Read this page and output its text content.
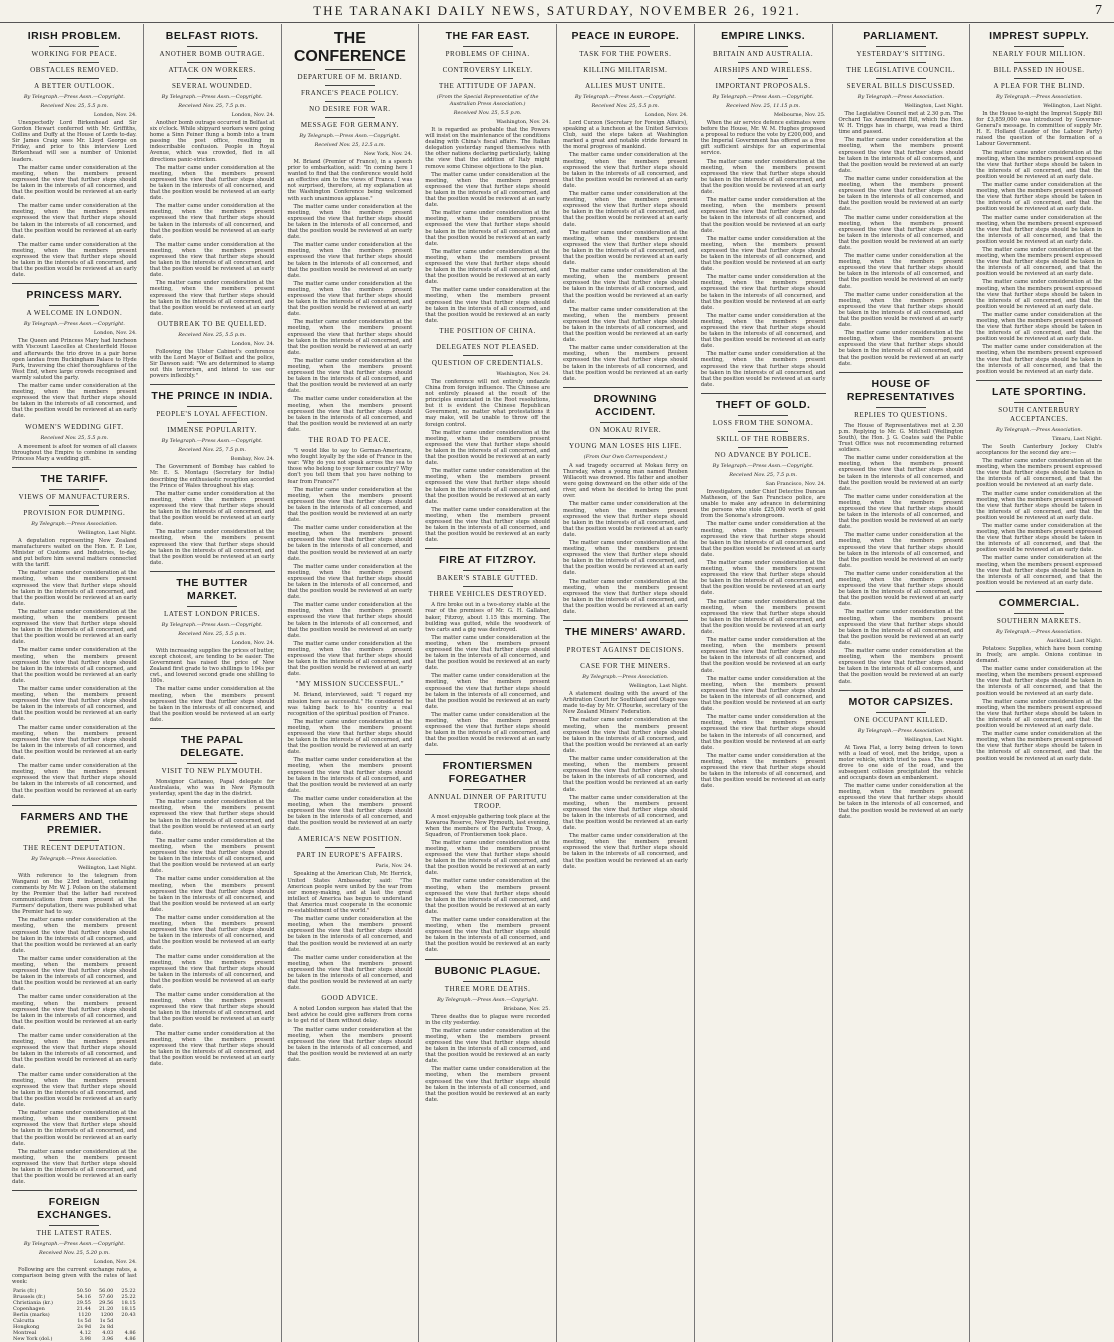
THE TARANAKI DAILY NEWS, SATURDAY, NOVEMBER 26, 1921.	7
IRISH PROBLEM.
WORKING FOR PEACE.
OBSTACLES REMOVED.
A BETTER OUTLOOK.
By Telegraph.—Press Assn.—Copyright.
Received Nov. 25, 5.5 p.m.
London, Nov. 24.

Unexpectedly Lord Birkenhead and Sir Gordon Hewart conferred with Mr. Griffiths, Collins and Duffy at the House of Lords to-day. Sir James Craig sees Mr. Lloyd George on Friday, and prior to this interview Lord Birkenhead will see a number of Unionist leaders.

The matter came under consideration at the meeting, when the members present expressed the view that further steps should be taken in the interests of all concerned, and that the position would be reviewed at an early date.

The matter came under consideration at the meeting, when the members present expressed the view that further steps should be taken in the interests of all concerned, and that the position would be reviewed at an early date.

The matter came under consideration at the meeting, when the members present expressed the view that further steps should be taken in the interests of all concerned, and that the position would be reviewed at an early date.

PRINCESS MARY.
A WELCOME IN LONDON.
By Telegraph.—Press Assn.—Copyright.
London, Nov. 24.

The Queen and Princess Mary had luncheon with Viscount Lascelles at Chesterfield House and afterwards the trio drove in a pair horse open landau from Buckingham Palace to Hyde Park, traversing the chief thoroughfares of the West End, where large crowds recognised and warmly saluted the party.

The matter came under consideration at the meeting, when the members present expressed the view that further steps should be taken in the interests of all concerned, and that the position would be reviewed at an early date.

WOMEN'S WEDDING GIFT.
Received Nov. 25, 5.5 p.m.

A movement is afoot for women of all classes throughout the Empire to combine in sending Princess Mary a wedding gift.

THE TARIFF.
VIEWS OF MANUFACTURERS.
PROVISION FOR DUMPING.
By Telegraph.—Press Association.
Wellington, Last Night.

A deputation representing New Zealand manufacturers waited on the Hon. E. P. Lee, Minister of Customs and Industries, to-day, and put before him several matters connected with the tariff.

The matter came under consideration at the meeting, when the members present expressed the view that further steps should be taken in the interests of all concerned, and that the position would be reviewed at an early date.

The matter came under consideration at the meeting, when the members present expressed the view that further steps should be taken in the interests of all concerned, and that the position would be reviewed at an early date.

The matter came under consideration at the meeting, when the members present expressed the view that further steps should be taken in the interests of all concerned, and that the position would be reviewed at an early date.

The matter came under consideration at the meeting, when the members present expressed the view that further steps should be taken in the interests of all concerned, and that the position would be reviewed at an early date.

The matter came under consideration at the meeting, when the members present expressed the view that further steps should be taken in the interests of all concerned, and that the position would be reviewed at an early date.

The matter came under consideration at the meeting, when the members present expressed the view that further steps should be taken in the interests of all concerned, and that the position would be reviewed at an early date.

FARMERS AND THE PREMIER.
THE RECENT DEPUTATION.
By Telegraph.—Press Association.
Wellington, Last Night.

With reference to the telegram from Wanganui on the 23rd instant, containing comments by Mr. W. J. Polson on the statement by the Premier that the latter had received communications from men present at the Farmers' deputation, there was published what the Premier had to say.

The matter came under consideration at the meeting, when the members present expressed the view that further steps should be taken in the interests of all concerned, and that the position would be reviewed at an early date.

The matter came under consideration at the meeting, when the members present expressed the view that further steps should be taken in the interests of all concerned, and that the position would be reviewed at an early date.

The matter came under consideration at the meeting, when the members present expressed the view that further steps should be taken in the interests of all concerned, and that the position would be reviewed at an early date.

The matter came under consideration at the meeting, when the members present expressed the view that further steps should be taken in the interests of all concerned, and that the position would be reviewed at an early date.

The matter came under consideration at the meeting, when the members present expressed the view that further steps should be taken in the interests of all concerned, and that the position would be reviewed at an early date.

The matter came under consideration at the meeting, when the members present expressed the view that further steps should be taken in the interests of all concerned, and that the position would be reviewed at an early date.

The matter came under consideration at the meeting, when the members present expressed the view that further steps should be taken in the interests of all concerned, and that the position would be reviewed at an early date.

FOREIGN EXCHANGES.
THE LATEST RATES.
By Telegraph.—Press Assn.—Copyright.
Received Nov. 25, 5.20 p.m.
London, Nov. 24.

Following are the current exchange rates, a comparison being given with the rates of last week:

Paris (fr.)	50.50	56.00	25.22
Brussels (fr.)	54.16	57.60	25.22
Christiania (kr.)	29.55	29.56	18.15
Copenhagen	21.44	21.20	18.15
Berlin (marks)	1120	1200	20.43
Calcutta	1s 5d	1s 5d	
Hongkong	2s 9d	2s 8d	
Montreal	4.12	4.03	4.86
New York (dol.)	3.98	3.96	4.86
BELFAST RIOTS.
ANOTHER BOMB OUTRAGE.
ATTACK ON WORKERS.
SEVERAL WOUNDED.
By Telegraph.—Press Assn.—Copyright.
Received Nov. 25, 7.5 p.m.
London, Nov. 24.

Another bomb outrage occurred in Belfast at six o'clock. While shipyard workers were going home a Sinn Feiner flung a bomb into a tram passing the post office, resulting in indescribable confusion. People in Royal Avenue, which was crowded, fled in all directions panic-stricken.

The matter came under consideration at the meeting, when the members present expressed the view that further steps should be taken in the interests of all concerned, and that the position would be reviewed at an early date.

The matter came under consideration at the meeting, when the members present expressed the view that further steps should be taken in the interests of all concerned, and that the position would be reviewed at an early date.

The matter came under consideration at the meeting, when the members present expressed the view that further steps should be taken in the interests of all concerned, and that the position would be reviewed at an early date.

The matter came under consideration at the meeting, when the members present expressed the view that further steps should be taken in the interests of all concerned, and that the position would be reviewed at an early date.

OUTBREAK TO BE QUELLED.
Received Nov. 25, 5.5 p.m.
London, Nov. 24.

Following the Ulster Cabinet's conference with the Lord Mayor of Belfast and the police, Sir Dawson said: "We are determined to stamp out this terrorism, and intend to use our powers inflexibly."

THE PRINCE IN INDIA.
PEOPLE'S LOYAL AFFECTION.
IMMENSE POPULARITY.
By Telegraph.—Press Assn.—Copyright.
Received Nov. 25, 7.5 p.m.
Bombay, Nov. 24.

The Government of Bombay has cabled to Mr. E. S. Montagu (Secretary for India) describing the enthusiastic reception accorded the Prince of Wales throughout his stay.

The matter came under consideration at the meeting, when the members present expressed the view that further steps should be taken in the interests of all concerned, and that the position would be reviewed at an early date.

The matter came under consideration at the meeting, when the members present expressed the view that further steps should be taken in the interests of all concerned, and that the position would be reviewed at an early date.

THE BUTTER MARKET.
LATEST LONDON PRICES.
By Telegraph.—Press Assn.—Copyright.
Received Nov. 25, 5.5 p.m.
London, Nov. 24.

With increasing supplies the prices of butter, except choicest, are tending to be easier. The Government has raised the price of New Zealand first grade to two shillings to 194s per cwt., and lowered second grade one shilling to 180s.

The matter came under consideration at the meeting, when the members present expressed the view that further steps should be taken in the interests of all concerned, and that the position would be reviewed at an early date.

THE PAPAL DELEGATE.
VISIT TO NEW PLYMOUTH.

Monsignor Cattaneo, Papal delegate for Australasia, who was in New Plymouth yesterday, spent the day in the district.

The matter came under consideration at the meeting, when the members present expressed the view that further steps should be taken in the interests of all concerned, and that the position would be reviewed at an early date.

The matter came under consideration at the meeting, when the members present expressed the view that further steps should be taken in the interests of all concerned, and that the position would be reviewed at an early date.

The matter came under consideration at the meeting, when the members present expressed the view that further steps should be taken in the interests of all concerned, and that the position would be reviewed at an early date.

The matter came under consideration at the meeting, when the members present expressed the view that further steps should be taken in the interests of all concerned, and that the position would be reviewed at an early date.

The matter came under consideration at the meeting, when the members present expressed the view that further steps should be taken in the interests of all concerned, and that the position would be reviewed at an early date.

The matter came under consideration at the meeting, when the members present expressed the view that further steps should be taken in the interests of all concerned, and that the position would be reviewed at an early date.

The matter came under consideration at the meeting, when the members present expressed the view that further steps should be taken in the interests of all concerned, and that the position would be reviewed at an early date.

THE CONFERENCE
DEPARTURE OF M. BRIAND.
FRANCE'S PEACE POLICY.
NO DESIRE FOR WAR.
MESSAGE FOR GERMANY.
By Telegraph.—Press Assn.—Copyright.
Received Nov. 25, 12.5 a.m.
New York, Nov. 24.

M. Briand (Premier of France), in a speech prior to embarkation, said: "In coming here I wanted to find that the conference would hold an effective aim to the views of France. I was not surprised, therefore, at my explanation at the Washington Conference being welcomed with such unanimous applause."

The matter came under consideration at the meeting, when the members present expressed the view that further steps should be taken in the interests of all concerned, and that the position would be reviewed at an early date.

The matter came under consideration at the meeting, when the members present expressed the view that further steps should be taken in the interests of all concerned, and that the position would be reviewed at an early date.

The matter came under consideration at the meeting, when the members present expressed the view that further steps should be taken in the interests of all concerned, and that the position would be reviewed at an early date.

The matter came under consideration at the meeting, when the members present expressed the view that further steps should be taken in the interests of all concerned, and that the position would be reviewed at an early date.

The matter came under consideration at the meeting, when the members present expressed the view that further steps should be taken in the interests of all concerned, and that the position would be reviewed at an early date.

The matter came under consideration at the meeting, when the members present expressed the view that further steps should be taken in the interests of all concerned, and that the position would be reviewed at an early date.

THE ROAD TO PEACE.

"I would like to say to German-Americans, who fought loyally by the side of France in the war: 'Why do you not speak across the sea to those who belong to your former country? Why don't you tell them that you have nothing to fear from France?'"

The matter came under consideration at the meeting, when the members present expressed the view that further steps should be taken in the interests of all concerned, and that the position would be reviewed at an early date.

The matter came under consideration at the meeting, when the members present expressed the view that further steps should be taken in the interests of all concerned, and that the position would be reviewed at an early date.

The matter came under consideration at the meeting, when the members present expressed the view that further steps should be taken in the interests of all concerned, and that the position would be reviewed at an early date.

The matter came under consideration at the meeting, when the members present expressed the view that further steps should be taken in the interests of all concerned, and that the position would be reviewed at an early date.

The matter came under consideration at the meeting, when the members present expressed the view that further steps should be taken in the interests of all concerned, and that the position would be reviewed at an early date.

"MY MISSION SUCCESSFUL."

M. Briand, interviewed, said: "I regard my mission here as successful." He considered he was taking back to his country a real recognition of the spiritual position of France.

The matter came under consideration at the meeting, when the members present expressed the view that further steps should be taken in the interests of all concerned, and that the position would be reviewed at an early date.

The matter came under consideration at the meeting, when the members present expressed the view that further steps should be taken in the interests of all concerned, and that the position would be reviewed at an early date.

The matter came under consideration at the meeting, when the members present expressed the view that further steps should be taken in the interests of all concerned, and that the position would be reviewed at an early date.

AMERICA'S NEW POSITION.
PART IN EUROPE'S AFFAIRS.
Paris, Nov. 24.

Speaking at the American Club, Mr. Herrick, United States Ambassador, said: "The American people were united by the war from our money-making, and at last the great intellect of America has begun to understand that America must cooperate in the economic re-establishment of the world."

The matter came under consideration at the meeting, when the members present expressed the view that further steps should be taken in the interests of all concerned, and that the position would be reviewed at an early date.

The matter came under consideration at the meeting, when the members present expressed the view that further steps should be taken in the interests of all concerned, and that the position would be reviewed at an early date.

GOOD ADVICE.

A noted London surgeon has stated that the best advice he could give sufferers from corns is to get rid of them without delay.

The matter came under consideration at the meeting, when the members present expressed the view that further steps should be taken in the interests of all concerned, and that the position would be reviewed at an early date.

THE FAR EAST.
PROBLEMS OF CHINA.
CONTROVERSY LIKELY.
THE ATTITUDE OF JAPAN.
(From the Special Representative of the Australian Press Association.)
Received Nov. 25, 5.5 p.m.
Washington, Nov. 24.

It is regarded as probable that the Powers will insist on the maintenance of the conditions dealing with China's fiscal affairs. The Italian delegation yesterday ranged themselves with the other nations declaring particularly, taking the view that the addition of Italy might remove some Chinese objections to the plan.

The matter came under consideration at the meeting, when the members present expressed the view that further steps should be taken in the interests of all concerned, and that the position would be reviewed at an early date.

The matter came under consideration at the meeting, when the members present expressed the view that further steps should be taken in the interests of all concerned, and that the position would be reviewed at an early date.

The matter came under consideration at the meeting, when the members present expressed the view that further steps should be taken in the interests of all concerned, and that the position would be reviewed at an early date.

The matter came under consideration at the meeting, when the members present expressed the view that further steps should be taken in the interests of all concerned, and that the position would be reviewed at an early date.

THE POSITION OF CHINA.
DELEGATES NOT PLEASED.
QUESTION OF CREDENTIALS.
Washington, Nov. 24.

The conference will not entirely undazzle China from foreign influence. The Chinese are not entirely pleased at the result of the principles enunciated in the Root resolutions, but it is evident the Chinese Republican Government, no matter what protestations it may make, will be unable to throw off the foreign control.

The matter came under consideration at the meeting, when the members present expressed the view that further steps should be taken in the interests of all concerned, and that the position would be reviewed at an early date.

The matter came under consideration at the meeting, when the members present expressed the view that further steps should be taken in the interests of all concerned, and that the position would be reviewed at an early date.

The matter came under consideration at the meeting, when the members present expressed the view that further steps should be taken in the interests of all concerned, and that the position would be reviewed at an early date.

FIRE AT FITZROY.
BAKER'S STABLE GUTTED.
THREE VEHICLES DESTROYED.

A fire broke out in a two-storey stable at the rear of the premises of Mr. G. H. Gallaher, baker, Fitzroy, about 1.15 this morning. The building was gutted, while the woodwork of two carts and a gig was destroyed.

The matter came under consideration at the meeting, when the members present expressed the view that further steps should be taken in the interests of all concerned, and that the position would be reviewed at an early date.

The matter came under consideration at the meeting, when the members present expressed the view that further steps should be taken in the interests of all concerned, and that the position would be reviewed at an early date.

The matter came under consideration at the meeting, when the members present expressed the view that further steps should be taken in the interests of all concerned, and that the position would be reviewed at an early date.

FRONTIERSMEN FOREGATHER
ANNUAL DINNER OF PARITUTU TROOP.

A most enjoyable gathering took place at the Kawaroa Reserve, New Plymouth, last evening, when the members of the Paritutu Troop, A Squadron, of Frontiersmen took place.

The matter came under consideration at the meeting, when the members present expressed the view that further steps should be taken in the interests of all concerned, and that the position would be reviewed at an early date.

The matter came under consideration at the meeting, when the members present expressed the view that further steps should be taken in the interests of all concerned, and that the position would be reviewed at an early date.

The matter came under consideration at the meeting, when the members present expressed the view that further steps should be taken in the interests of all concerned, and that the position would be reviewed at an early date.

BUBONIC PLAGUE.
THREE MORE DEATHS.
By Telegraph.—Press Assn.—Copyright.
Brisbane, Nov. 25.

Three deaths due to plague were recorded in the city yesterday.

The matter came under consideration at the meeting, when the members present expressed the view that further steps should be taken in the interests of all concerned, and that the position would be reviewed at an early date.

The matter came under consideration at the meeting, when the members present expressed the view that further steps should be taken in the interests of all concerned, and that the position would be reviewed at an early date.

PEACE IN EUROPE.
TASK FOR THE POWERS.
KILLING MILITARISM.
ALLIES MUST UNITE.
By Telegraph.—Press Assn.—Copyright.
Received Nov. 25, 5.5 p.m.
London, Nov. 24.

Lord Curzon (Secretary for Foreign Affairs), speaking at a luncheon at the United Services Club, said the steps taken at Washington marked a great and notable stride forward in the moral progress of mankind.

The matter came under consideration at the meeting, when the members present expressed the view that further steps should be taken in the interests of all concerned, and that the position would be reviewed at an early date.

The matter came under consideration at the meeting, when the members present expressed the view that further steps should be taken in the interests of all concerned, and that the position would be reviewed at an early date.

The matter came under consideration at the meeting, when the members present expressed the view that further steps should be taken in the interests of all concerned, and that the position would be reviewed at an early date.

The matter came under consideration at the meeting, when the members present expressed the view that further steps should be taken in the interests of all concerned, and that the position would be reviewed at an early date.

The matter came under consideration at the meeting, when the members present expressed the view that further steps should be taken in the interests of all concerned, and that the position would be reviewed at an early date.

The matter came under consideration at the meeting, when the members present expressed the view that further steps should be taken in the interests of all concerned, and that the position would be reviewed at an early date.

DROWNING ACCIDENT.
ON MOKAU RIVER.
YOUNG MAN LOSES HIS LIFE.
(From Our Own Correspondent.)

A sad tragedy occurred at Mokau ferry on Thursday, when a young man named Reuben Willacott was drowned. His father and another were going downward on the other side of the river, and when he decided to bring the punt over.

The matter came under consideration at the meeting, when the members present expressed the view that further steps should be taken in the interests of all concerned, and that the position would be reviewed at an early date.

The matter came under consideration at the meeting, when the members present expressed the view that further steps should be taken in the interests of all concerned, and that the position would be reviewed at an early date.

The matter came under consideration at the meeting, when the members present expressed the view that further steps should be taken in the interests of all concerned, and that the position would be reviewed at an early date.

THE MINERS' AWARD.
PROTEST AGAINST DECISIONS.
CASE FOR THE MINERS.
By Telegraph.—Press Association.
Wellington, Last Night.

A statement dealing with the award of the Arbitration Court for Southland and Otago was made to-day by Mr. O'Rourke, secretary of the New Zealand Miners' Federation.

The matter came under consideration at the meeting, when the members present expressed the view that further steps should be taken in the interests of all concerned, and that the position would be reviewed at an early date.

The matter came under consideration at the meeting, when the members present expressed the view that further steps should be taken in the interests of all concerned, and that the position would be reviewed at an early date.

The matter came under consideration at the meeting, when the members present expressed the view that further steps should be taken in the interests of all concerned, and that the position would be reviewed at an early date.

The matter came under consideration at the meeting, when the members present expressed the view that further steps should be taken in the interests of all concerned, and that the position would be reviewed at an early date.

EMPIRE LINKS.
BRITAIN AND AUSTRALIA.
AIRSHIPS AND WIRELESS.
IMPORTANT PROPOSALS.
By Telegraph.—Press Assn.—Copyright.
Received Nov. 25, 11.15 p.m.
Melbourne, Nov. 25.

When the air service defence estimates were before the House, Mr. W. M. Hughes proposed a proposal to reduce the vote by £200,000, and the Imperial Government has offered as a free gift sufficient airships for an experimental service.

The matter came under consideration at the meeting, when the members present expressed the view that further steps should be taken in the interests of all concerned, and that the position would be reviewed at an early date.

The matter came under consideration at the meeting, when the members present expressed the view that further steps should be taken in the interests of all concerned, and that the position would be reviewed at an early date.

The matter came under consideration at the meeting, when the members present expressed the view that further steps should be taken in the interests of all concerned, and that the position would be reviewed at an early date.

The matter came under consideration at the meeting, when the members present expressed the view that further steps should be taken in the interests of all concerned, and that the position would be reviewed at an early date.

The matter came under consideration at the meeting, when the members present expressed the view that further steps should be taken in the interests of all concerned, and that the position would be reviewed at an early date.

The matter came under consideration at the meeting, when the members present expressed the view that further steps should be taken in the interests of all concerned, and that the position would be reviewed at an early date.

THEFT OF GOLD.
LOSS FROM THE SONOMA.
SKILL OF THE ROBBERS.
NO ADVANCE BY POLICE.
By Telegraph.—Press Assn.—Copyright.
Received Nov. 25, 7.5 p.m.
San Francisco, Nov. 24.

Investigators, under Chief Detective Duncan Matheson, of the San Francisco police, are unable to make any advance in determining the persons who stole £25,000 worth of gold from the Sonoma's strongroom.

The matter came under consideration at the meeting, when the members present expressed the view that further steps should be taken in the interests of all concerned, and that the position would be reviewed at an early date.

The matter came under consideration at the meeting, when the members present expressed the view that further steps should be taken in the interests of all concerned, and that the position would be reviewed at an early date.

The matter came under consideration at the meeting, when the members present expressed the view that further steps should be taken in the interests of all concerned, and that the position would be reviewed at an early date.

The matter came under consideration at the meeting, when the members present expressed the view that further steps should be taken in the interests of all concerned, and that the position would be reviewed at an early date.

The matter came under consideration at the meeting, when the members present expressed the view that further steps should be taken in the interests of all concerned, and that the position would be reviewed at an early date.

The matter came under consideration at the meeting, when the members present expressed the view that further steps should be taken in the interests of all concerned, and that the position would be reviewed at an early date.

The matter came under consideration at the meeting, when the members present expressed the view that further steps should be taken in the interests of all concerned, and that the position would be reviewed at an early date.

PARLIAMENT.
YESTERDAY'S SITTING.
THE LEGISLATIVE COUNCIL.
SEVERAL BILLS DISCUSSED.
By Telegraph.—Press Association.
Wellington, Last Night.

The Legislative Council met at 2.30 p.m. The Orchard Tax Amendment Bill, which the Hon. W. H. Triggs has in charge, was read a third time and passed.

The matter came under consideration at the meeting, when the members present expressed the view that further steps should be taken in the interests of all concerned, and that the position would be reviewed at an early date.

The matter came under consideration at the meeting, when the members present expressed the view that further steps should be taken in the interests of all concerned, and that the position would be reviewed at an early date.

The matter came under consideration at the meeting, when the members present expressed the view that further steps should be taken in the interests of all concerned, and that the position would be reviewed at an early date.

The matter came under consideration at the meeting, when the members present expressed the view that further steps should be taken in the interests of all concerned, and that the position would be reviewed at an early date.

The matter came under consideration at the meeting, when the members present expressed the view that further steps should be taken in the interests of all concerned, and that the position would be reviewed at an early date.

The matter came under consideration at the meeting, when the members present expressed the view that further steps should be taken in the interests of all concerned, and that the position would be reviewed at an early date.

HOUSE OF REPRESENTATIVES
REPLIES TO QUESTIONS.

The House of Representatives met at 2.30 p.m. Replying to Mr. G. Mitchell (Wellington South), the Hon. J. G. Coates said the Public Trust Office was not recommending returned soldiers.

The matter came under consideration at the meeting, when the members present expressed the view that further steps should be taken in the interests of all concerned, and that the position would be reviewed at an early date.

The matter came under consideration at the meeting, when the members present expressed the view that further steps should be taken in the interests of all concerned, and that the position would be reviewed at an early date.

The matter came under consideration at the meeting, when the members present expressed the view that further steps should be taken in the interests of all concerned, and that the position would be reviewed at an early date.

The matter came under consideration at the meeting, when the members present expressed the view that further steps should be taken in the interests of all concerned, and that the position would be reviewed at an early date.

The matter came under consideration at the meeting, when the members present expressed the view that further steps should be taken in the interests of all concerned, and that the position would be reviewed at an early date.

The matter came under consideration at the meeting, when the members present expressed the view that further steps should be taken in the interests of all concerned, and that the position would be reviewed at an early date.

MOTOR CAPSIZES.
ONE OCCUPANT KILLED.
By Telegraph.—Press Association.
Wellington, Last Night.

At Tawa Flat, a lorry being driven to town with a load of wool, met the bridge, upon a motor vehicle, which tried to pass. The wagon drove to one side of the road, and the subsequent collision precipitated the vehicle and occupants down an embankment.

The matter came under consideration at the meeting, when the members present expressed the view that further steps should be taken in the interests of all concerned, and that the position would be reviewed at an early date.

IMPREST SUPPLY.
NEARLY FOUR MILLION.
BILL PASSED IN HOUSE.
A PLEA FOR THE BLIND.
By Telegraph.—Press Association.
Wellington, Last Night.

In the House to-night the Imprest Supply Bill for £3,859,000 was introduced by Governor-General's message. In committee of supply Mr. H. E. Holland (Leader of the Labour Party) raised the question of the formation of a Labour Government.

The matter came under consideration at the meeting, when the members present expressed the view that further steps should be taken in the interests of all concerned, and that the position would be reviewed at an early date.

The matter came under consideration at the meeting, when the members present expressed the view that further steps should be taken in the interests of all concerned, and that the position would be reviewed at an early date.

The matter came under consideration at the meeting, when the members present expressed the view that further steps should be taken in the interests of all concerned, and that the position would be reviewed at an early date.

The matter came under consideration at the meeting, when the members present expressed the view that further steps should be taken in the interests of all concerned, and that the position would be reviewed at an early date.

The matter came under consideration at the meeting, when the members present expressed the view that further steps should be taken in the interests of all concerned, and that the position would be reviewed at an early date.

The matter came under consideration at the meeting, when the members present expressed the view that further steps should be taken in the interests of all concerned, and that the position would be reviewed at an early date.

The matter came under consideration at the meeting, when the members present expressed the view that further steps should be taken in the interests of all concerned, and that the position would be reviewed at an early date.

LATE SPORTING.
SOUTH CANTERBURY ACCEPTANCES.
By Telegraph.—Press Association.
Timaru, Last Night.

The South Canterbury Jockey Club's acceptances for the second day are:—

The matter came under consideration at the meeting, when the members present expressed the view that further steps should be taken in the interests of all concerned, and that the position would be reviewed at an early date.

The matter came under consideration at the meeting, when the members present expressed the view that further steps should be taken in the interests of all concerned, and that the position would be reviewed at an early date.

The matter came under consideration at the meeting, when the members present expressed the view that further steps should be taken in the interests of all concerned, and that the position would be reviewed at an early date.

The matter came under consideration at the meeting, when the members present expressed the view that further steps should be taken in the interests of all concerned, and that the position would be reviewed at an early date.

COMMERCIAL.
SOUTHERN MARKETS.
By Telegraph.—Press Association.
Auckland, Last Night.

Potatoes: Supplies, which have been coming in freely, are ample. Onions continue in demand.

The matter came under consideration at the meeting, when the members present expressed the view that further steps should be taken in the interests of all concerned, and that the position would be reviewed at an early date.

The matter came under consideration at the meeting, when the members present expressed the view that further steps should be taken in the interests of all concerned, and that the position would be reviewed at an early date.

The matter came under consideration at the meeting, when the members present expressed the view that further steps should be taken in the interests of all concerned, and that the position would be reviewed at an early date.
